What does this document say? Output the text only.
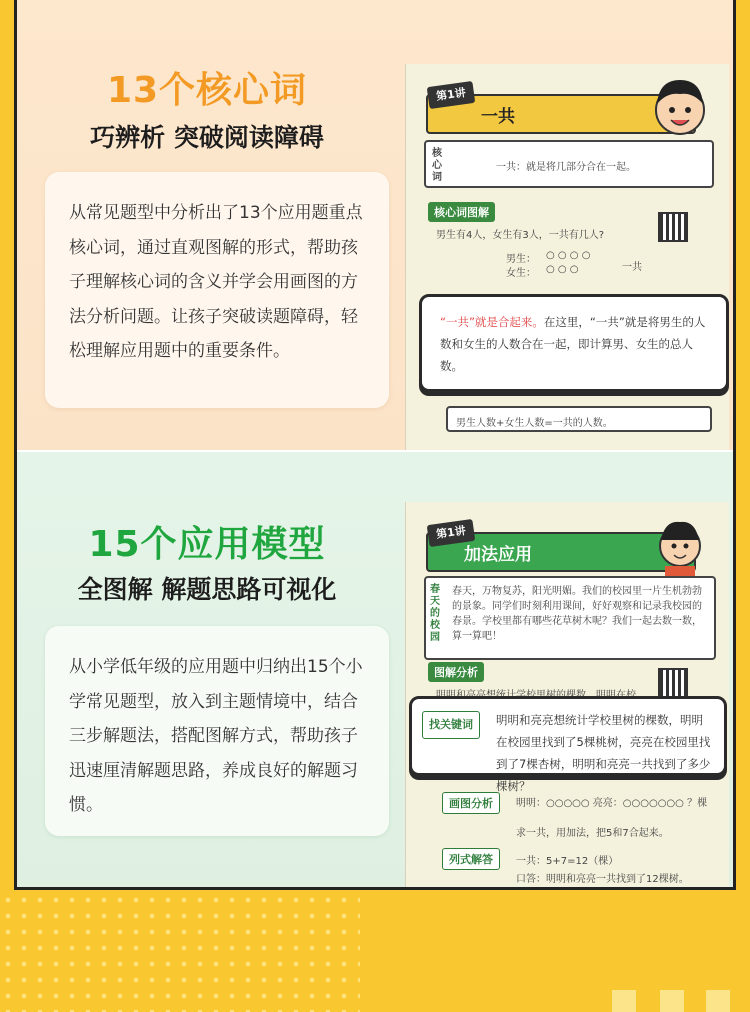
13个核心词
巧辨析 突破阅读障碍
从常见题型中分析出了13个应用题重点核心词，通过直观图解的形式，帮助孩子理解核心词的含义并学会用画图的方法分析问题。让孩子突破读题障碍，轻松理解应用题中的重要条件。
一共
第1讲
核心词
一共：就是将几部分合在一起。
核心词图解
男生有4人，女生有3人，一共有几人?
男生： ○ ○ ○ ○
女生： ○ ○ ○	一共
男生人数+女生人数=一共的人数。
“一共”就是合起来。在这里，“一共”就是将男生的人数和女生的人数合在一起，即计算男、女生的总人数。
15个应用模型
全图解 解题思路可视化
从小学低年级的应用题中归纳出15个小学常见题型，放入到主题情境中，结合三步解题法，搭配图解方式，帮助孩子迅速厘清解题思路，养成良好的解题习惯。
加法应用
第1讲
春天的校园
春天，万物复苏，阳光明媚。我们的校园里一片生机勃勃的景象。同学们时刻利用课间，好好观察和记录我校园的春景。学校里都有哪些花草树木呢？我们一起去数一数，算一算吧！
图解分析
画图分析	明明：○○○○○ 亮亮：○○○○○○○ ？棵
求一共，用加法，把5和7合起来。
列式解答	一共：5+7=12（棵）
口答：明明和亮亮一共找到了12棵树。
找关键词	明明和亮亮想统计学校里树的棵数，明明在校园里找到了5棵桃树，亮亮在校园里找到了7棵杏树，明明和亮亮一共找到了多少棵树？
